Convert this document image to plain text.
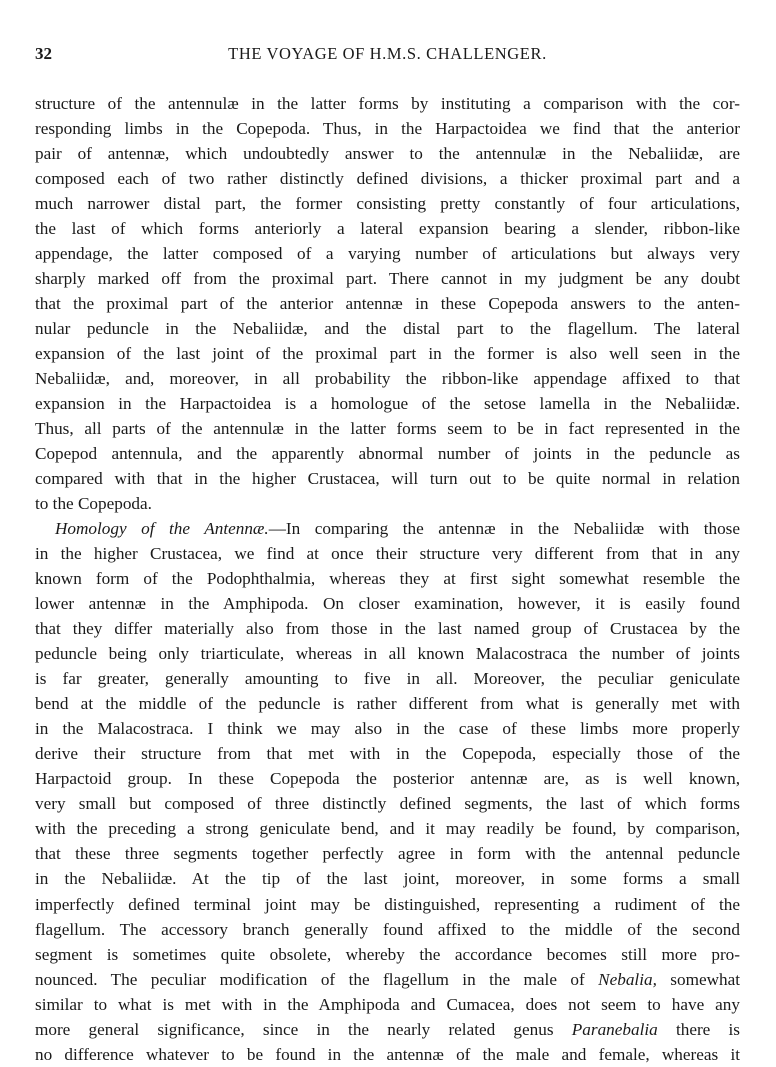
32	THE VOYAGE OF H.M.S. CHALLENGER.
structure of the antennulæ in the latter forms by instituting a comparison with the cor-
responding limbs in the Copepoda. Thus, in the Harpactoidea we find that the anterior
pair of antennæ, which undoubtedly answer to the antennulæ in the Nebaliidæ, are
composed each of two rather distinctly defined divisions, a thicker proximal part and a
much narrower distal part, the former consisting pretty constantly of four articulations,
the last of which forms anteriorly a lateral expansion bearing a slender, ribbon-like
appendage, the latter composed of a varying number of articulations but always very
sharply marked off from the proximal part. There cannot in my judgment be any doubt
that the proximal part of the anterior antennæ in these Copepoda answers to the anten-
nular peduncle in the Nebaliidæ, and the distal part to the flagellum. The lateral
expansion of the last joint of the proximal part in the former is also well seen in the
Nebaliidæ, and, moreover, in all probability the ribbon-like appendage affixed to that
expansion in the Harpactoidea is a homologue of the setose lamella in the Nebaliidæ.
Thus, all parts of the antennulæ in the latter forms seem to be in fact represented in the
Copepod antennula, and the apparently abnormal number of joints in the peduncle as
compared with that in the higher Crustacea, will turn out to be quite normal in relation
to the Copepoda.
Homology of the Antennæ.—In comparing the antennæ in the Nebaliidæ with those
in the higher Crustacea, we find at once their structure very different from that in any
known form of the Podophthalmia, whereas they at first sight somewhat resemble the
lower antennæ in the Amphipoda. On closer examination, however, it is easily found
that they differ materially also from those in the last named group of Crustacea by the
peduncle being only triarticulate, whereas in all known Malacostraca the number of joints
is far greater, generally amounting to five in all. Moreover, the peculiar geniculate
bend at the middle of the peduncle is rather different from what is generally met with
in the Malacostraca. I think we may also in the case of these limbs more properly
derive their structure from that met with in the Copepoda, especially those of the
Harpactoid group. In these Copepoda the posterior antennæ are, as is well known,
very small but composed of three distinctly defined segments, the last of which forms
with the preceding a strong geniculate bend, and it may readily be found, by comparison,
that these three segments together perfectly agree in form with the antennal peduncle
in the Nebaliidæ. At the tip of the last joint, moreover, in some forms a small
imperfectly defined terminal joint may be distinguished, representing a rudiment of the
flagellum. The accessory branch generally found affixed to the middle of the second
segment is sometimes quite obsolete, whereby the accordance becomes still more pro-
nounced. The peculiar modification of the flagellum in the male of Nebalia, somewhat
similar to what is met with in the Amphipoda and Cumacea, does not seem to have any
more general significance, since in the nearly related genus Paranebalia there is
no difference whatever to be found in the antennæ of the male and female, whereas it
